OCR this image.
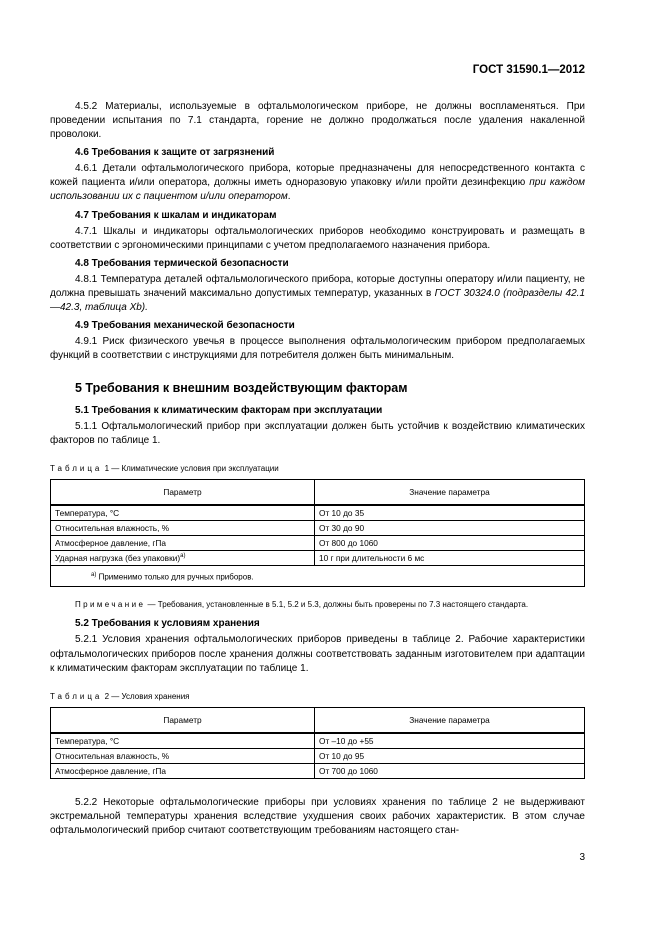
ГОСТ 31590.1—2012

4.5.2 Материалы, используемые в офтальмологическом приборе, не должны воспламеняться. При проведении испытания по 7.1 стандарта, горение не должно продолжаться после удаления накаленной проволоки.

4.6 Требования к защите от загрязнений

4.6.1 Детали офтальмологического прибора, которые предназначены для непосредственного контакта с кожей пациента и/или оператора, должны иметь одноразовую упаковку и/или пройти дезинфекцию при каждом использовании их с пациентом и/или оператором.

4.7 Требования к шкалам и индикаторам

4.7.1 Шкалы и индикаторы офтальмологических приборов необходимо конструировать и размещать в соответствии с эргономическими принципами с учетом предполагаемого назначения прибора.

4.8 Требования термической безопасности

4.8.1 Температура деталей офтальмологического прибора, которые доступны оператору и/или пациенту, не должна превышать значений максимально допустимых температур, указанных в ГОСТ 30324.0 (подразделы 42.1—42.3, таблица Xb).

4.9 Требования механической безопасности

4.9.1 Риск физического увечья в процессе выполнения офтальмологическим прибором предполагаемых функций в соответствии с инструкциями для потребителя должен быть минимальным.

5 Требования к внешним воздействующим факторам

5.1 Требования к климатическим факторам при эксплуатации

5.1.1 Офтальмологический прибор при эксплуатации должен быть устойчив к воздействию климатических факторов по таблице 1.

Таблица 1 — Климатические условия при эксплуатации
Параметр	Значение параметра
Температура, °С	От 10 до 35
Относительная влажность, %	От 30 до 90
Атмосферное давление, гПа	От 800 до 1060
Ударная нагрузка (без упаковки)$^{а)}$	10 г при длительности 6 мс
$^{а)}$ Применимо только для ручных приборов.	
Примечание — Требования, установленные в 5.1, 5.2 и 5.3, должны быть проверены по 7.3 настоящего стандарта.

5.2 Требования к условиям хранения

5.2.1 Условия хранения офтальмологических приборов приведены в таблице 2. Рабочие характеристики офтальмологических приборов после хранения должны соответствовать заданным изготовителем при адаптации к климатическим факторам эксплуатации по таблице 1.

Таблица 2 — Условия хранения
Параметр	Значение параметра
Температура, °С	От –10 до +55
Относительная влажность, %	От 10 до 95
Атмосферное давление, гПа	От 700 до 1060

5.2.2 Некоторые офтальмологические приборы при условиях хранения по таблице 2 не выдерживают экстремальной температуры хранения вследствие ухудшения своих рабочих характеристик. В этом случае офтальмологический прибор считают соответствующим требованиям настоящего стан-

3
